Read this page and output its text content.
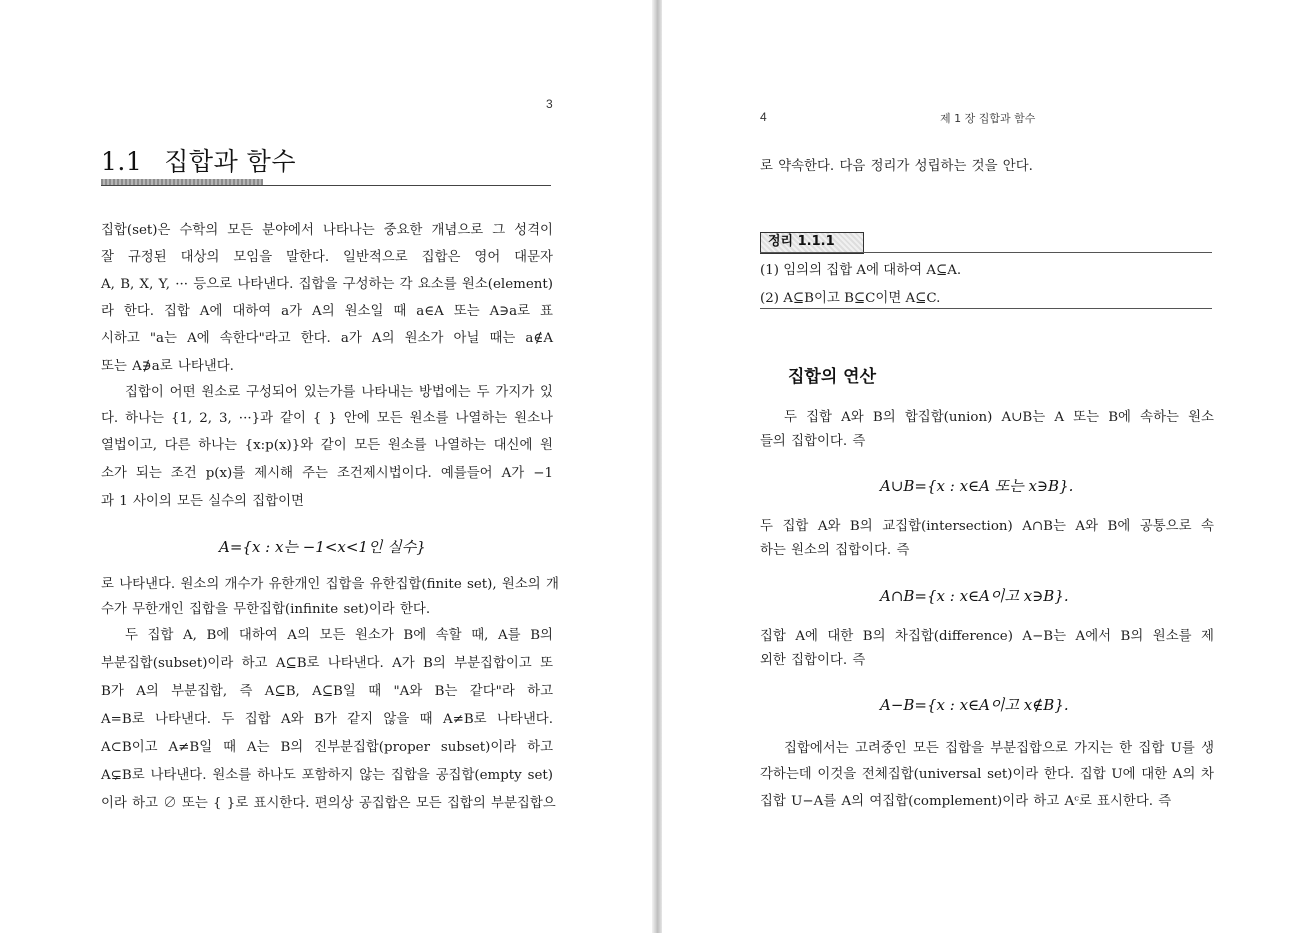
3
1.1 집합과 함수
집합(set)은 수학의 모든 분야에서 나타나는 중요한 개념으로 그 성격이
잘 규정된 대상의 모임을 말한다. 일반적으로 집합은 영어 대문자
A, B, X, Y, ··· 등으로 나타낸다. 집합을 구성하는 각 요소를 원소(element)
라 한다. 집합 A에 대하여 a가 A의 원소일 때 a∈A 또는 A∋a로 표
시하고 "a는 A에 속한다"라고 한다. a가 A의 원소가 아닐 때는 a∉A
또는 A∌a로 나타낸다.
집합이 어떤 원소로 구성되어 있는가를 나타내는 방법에는 두 가지가 있
다. 하나는 {1, 2, 3, ···}과 같이 { } 안에 모든 원소를 나열하는 원소나
열법이고, 다른 하나는 {x:p(x)}와 같이 모든 원소를 나열하는 대신에 원
소가 되는 조건 p(x)를 제시해 주는 조건제시법이다. 예를들어 A가 −1
과 1 사이의 모든 실수의 집합이면
A={x : x는 −1<x<1인 실수}
로 나타낸다. 원소의 개수가 유한개인 집합을 유한집합(finite set), 원소의 개
수가 무한개인 집합을 무한집합(infinite set)이라 한다.
두 집합 A, B에 대하여 A의 모든 원소가 B에 속할 때, A를 B의
부분집합(subset)이라 하고 A⊆B로 나타낸다. A가 B의 부분집합이고 또
B가 A의 부분집합, 즉 A⊆B, A⊆B일 때 "A와 B는 같다"라 하고
A=B로 나타낸다. 두 집합 A와 B가 같지 않을 때 A≠B로 나타낸다.
A⊂B이고 A≠B일 때 A는 B의 진부분집합(proper subset)이라 하고
A⊊B로 나타낸다. 원소를 하나도 포함하지 않는 집합을 공집합(empty set)
이라 하고 ∅ 또는 { }로 표시한다. 편의상 공집합은 모든 집합의 부분집합으
4	제 1 장 집합과 함수
로 약속한다. 다음 정리가 성립하는 것을 안다.
정리 1.1.1
(1) 임의의 집합 A에 대하여 A⊆A.
(2) A⊆B이고 B⊆C이면 A⊆C.
집합의 연산
두 집합 A와 B의 합집합(union) A∪B는 A 또는 B에 속하는 원소
들의 집합이다. 즉
A∪B={x : x∈A 또는 x∋B}.
두 집합 A와 B의 교집합(intersection) A∩B는 A와 B에 공통으로 속
하는 원소의 집합이다. 즉
A∩B={x : x∈A이고 x∋B}.
집합 A에 대한 B의 차집합(difference) A−B는 A에서 B의 원소를 제
외한 집합이다. 즉
A−B={x : x∈A이고 x∉B}.
집합에서는 고려중인 모든 집합을 부분집합으로 가지는 한 집합 U를 생
각하는데 이것을 전체집합(universal set)이라 한다. 집합 U에 대한 A의 차
집합 U−A를 A의 여집합(complement)이라 하고 Aᶜ로 표시한다. 즉
